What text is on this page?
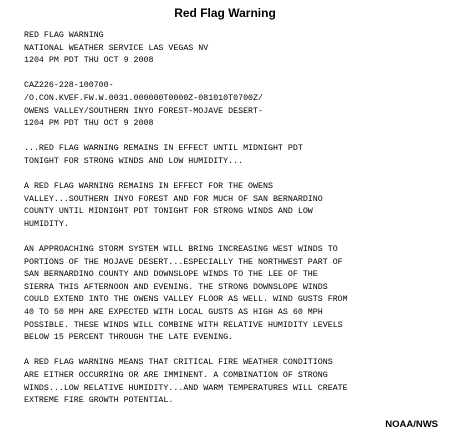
Red Flag Warning
RED FLAG WARNING
NATIONAL WEATHER SERVICE LAS VEGAS NV
1204 PM PDT THU OCT 9 2008
CAZ226-228-100700-
/O.CON.KVEF.FW.W.0031.000000T0000Z-081010T0700Z/
OWENS VALLEY/SOUTHERN INYO FOREST-MOJAVE DESERT-
1204 PM PDT THU OCT 9 2008
...RED FLAG WARNING REMAINS IN EFFECT UNTIL MIDNIGHT PDT
TONIGHT FOR STRONG WINDS AND LOW HUMIDITY...
A RED FLAG WARNING REMAINS IN EFFECT FOR THE OWENS
VALLEY...SOUTHERN INYO FOREST AND FOR MUCH OF SAN BERNARDINO
COUNTY UNTIL MIDNIGHT PDT TONIGHT FOR STRONG WINDS AND LOW
HUMIDITY.
AN APPROACHING STORM SYSTEM WILL BRING INCREASING WEST WINDS TO
PORTIONS OF THE MOJAVE DESERT...ESPECIALLY THE NORTHWEST PART OF
SAN BERNARDINO COUNTY AND DOWNSLOPE WINDS TO THE LEE OF THE
SIERRA THIS AFTERNOON AND EVENING. THE STRONG DOWNSLOPE WINDS
COULD EXTEND INTO THE OWENS VALLEY FLOOR AS WELL. WIND GUSTS FROM
40 TO 50 MPH ARE EXPECTED WITH LOCAL GUSTS AS HIGH AS 60 MPH
POSSIBLE. THESE WINDS WILL COMBINE WITH RELATIVE HUMIDITY LEVELS
BELOW 15 PERCENT THROUGH THE LATE EVENING.
A RED FLAG WARNING MEANS THAT CRITICAL FIRE WEATHER CONDITIONS
ARE EITHER OCCURRING OR ARE IMMINENT. A COMBINATION OF STRONG
WINDS...LOW RELATIVE HUMIDITY...AND WARM TEMPERATURES WILL CREATE
EXTREME FIRE GROWTH POTENTIAL.
NOAA/NWS
